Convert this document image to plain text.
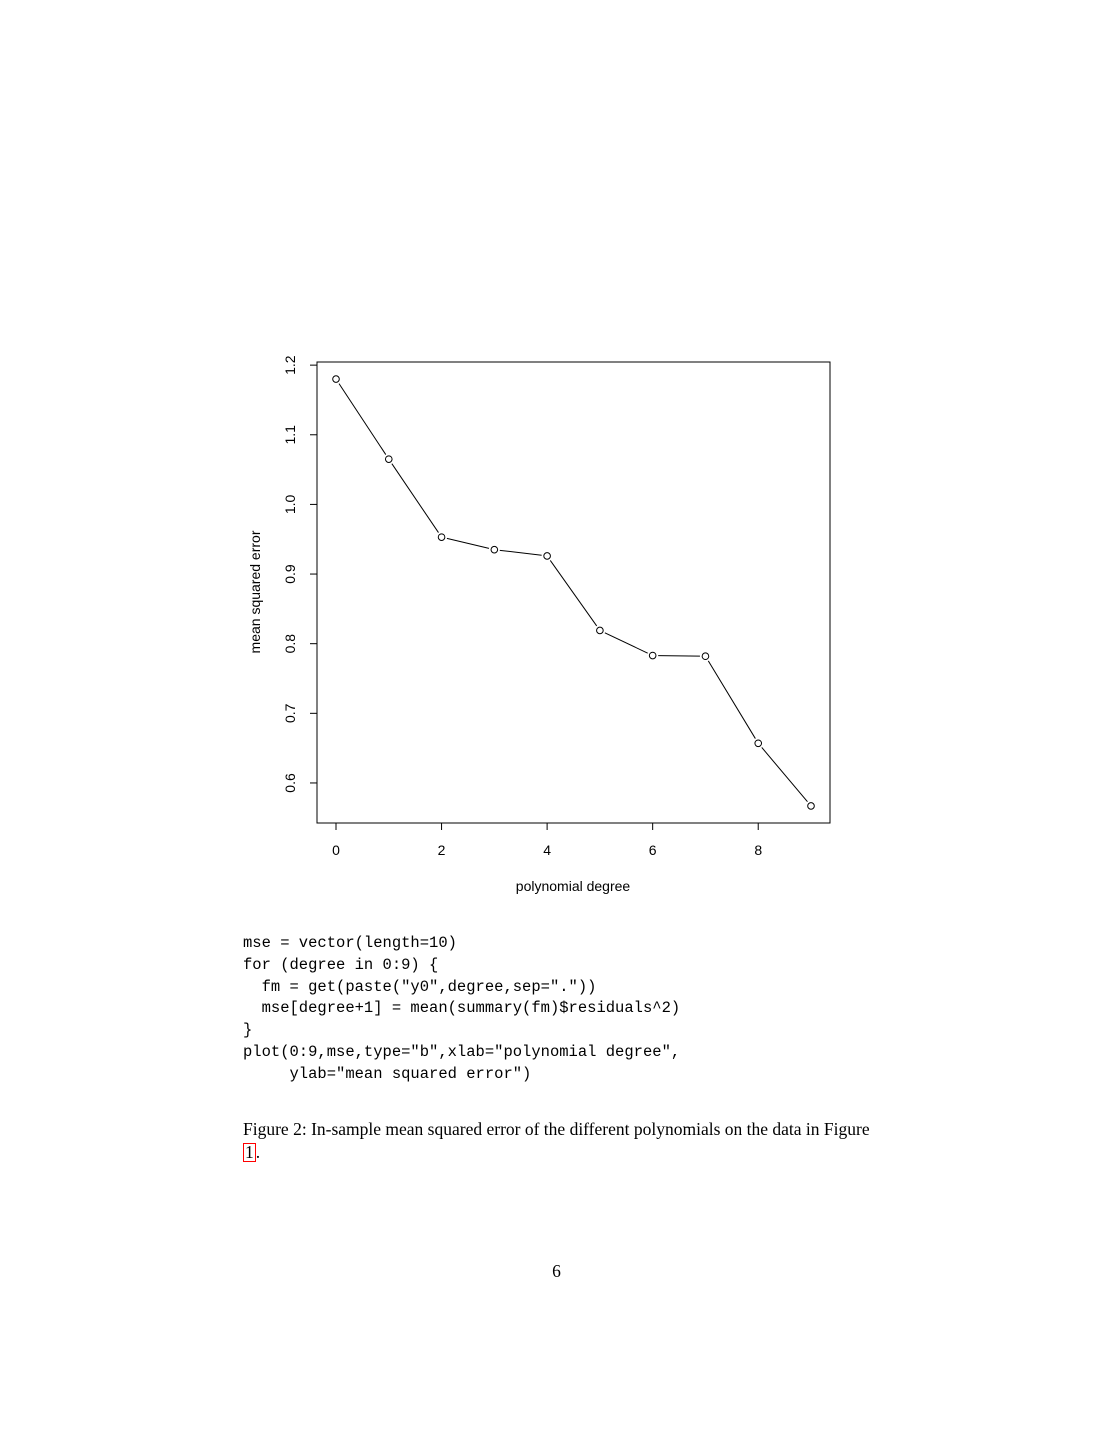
0.6
0.7
0.8
0.9
1.0
1.1
1.2
0	2	4	6	8
polynomial degree
mean squared error
mse = vector(length=10)
for (degree in 0:9) {
fm = get(paste("y0",degree,sep="."))
mse[degree+1] = mean(summary(fm)$residuals^2)
}
plot(0:9,mse,type="b",xlab="polynomial degree",
ylab="mean squared error")
Figure 2: In-sample mean squared error of the different polynomials on the data in Figure 1 .
6
